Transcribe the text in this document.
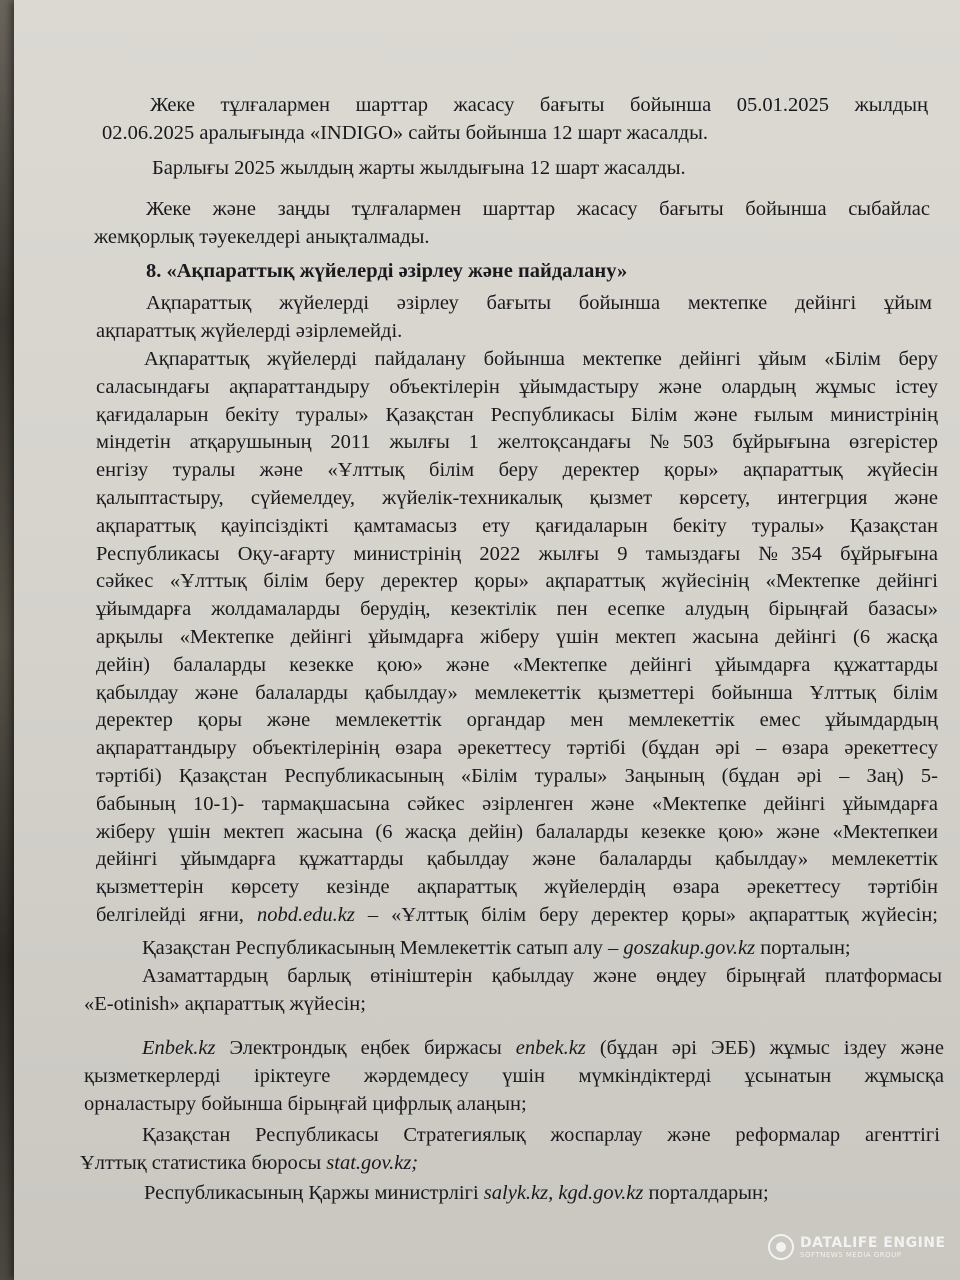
Жеке тұлғалармен шарттар жасасу бағыты бойынша 05.01.2025 жылдың
02.06.2025 аралығында «INDIGO» сайты бойынша 12 шарт жасалды.

Барлығы 2025 жылдың жарты жылдығына 12 шарт жасалды.

Жеке және заңды тұлғалармен шарттар жасасу бағыты бойынша сыбайлас
жемқорлық тәуекелдері анықталмады.

8. «Ақпараттық жүйелерді әзірлеу және пайдалану»

Ақпараттық жүйелерді әзірлеу бағыты бойынша мектепке дейінгі ұйым
ақпараттық жүйелерді әзірлемейді.

Ақпараттық жүйелерді пайдалану бойынша мектепке дейінгі ұйым «Білім беру
саласындағы ақпараттандыру объектілерін ұйымдастыру және олардың жұмыс істеу
қағидаларын бекіту туралы» Қазақстан Республикасы Білім және ғылым министрінің
міндетін атқарушының 2011 жылғы 1 желтоқсандағы №503 бұйрығына өзгерістер
енгізу туралы және «Ұлттық білім беру деректер қоры» ақпараттық жүйесін
қалыптастыру, сүйемелдеу, жүйелік-техникалық қызмет көрсету, интегрция және
ақпараттық қауіпсіздікті қамтамасыз ету қағидаларын бекіту туралы» Қазақстан
Республикасы Оқу-ағарту министрінің 2022 жылғы 9 тамыздағы №354 бұйрығына
сәйкес «Ұлттық білім беру деректер қоры» ақпараттық жүйесінің «Мектепке дейінгі
ұйымдарға жолдамаларды берудің, кезектілік пен есепке алудың бірыңғай базасы»
арқылы «Мектепке дейінгі ұйымдарға жіберу үшін мектеп жасына дейінгі (6 жасқа
дейін) балаларды кезекке қою» және «Мектепке дейінгі ұйымдарға құжаттарды
қабылдау және балаларды қабылдау» мемлекеттік қызметтері бойынша Ұлттық білім
деректер қоры және мемлекеттік органдар мен мемлекеттік емес ұйымдардың
ақпараттандыру объектілерінің өзара әрекеттесу тәртібі (бұдан әрі – өзара әрекеттесу
тәртібі) Қазақстан Республикасының «Білім туралы» Заңының (бұдан әрі – Заң) 5-
бабының 10-1)- тармақшасына сәйкес әзірленген және «Мектепке дейінгі ұйымдарға
жіберу үшін мектеп жасына (6 жасқа дейін) балаларды кезекке қою» және «Мектепкеи
дейінгі ұйымдарға құжаттарды қабылдау және балаларды қабылдау» мемлекеттік
қызметтерін көрсету кезінде ақпараттық жүйелердің өзара әрекеттесу тәртібін
белгілейді яғни, nobd.edu.kz – «Ұлттық білім беру деректер қоры» ақпараттық жүйесін;

Қазақстан Республикасының Мемлекеттік сатып алу – goszakup.gov.kz порталын;

Азаматтардың барлық өтініштерін қабылдау және өңдеу бірыңғай платформасы
«E-otinish» ақпараттық жүйесін;

Enbek.kz Электрондық еңбек биржасы enbek.kz (бұдан әрі ЭЕБ) жұмыс іздеу және
қызметкерлерді іріктеуге жәрдемдесу үшін мүмкіндіктерді ұсынатын жұмысқа
орналастыру бойынша бірыңғай цифрлық алаңын;

Қазақстан Республикасы Стратегиялық жоспарлау және реформалар агенттігі
Ұлттық статистика бюросы stat.gov.kz;

Республикасының Қаржы министрлігі salyk.kz, kgd.gov.kz порталдарын;

DATALIFE ENGINE
SOFTNEWS MEDIA GROUP
